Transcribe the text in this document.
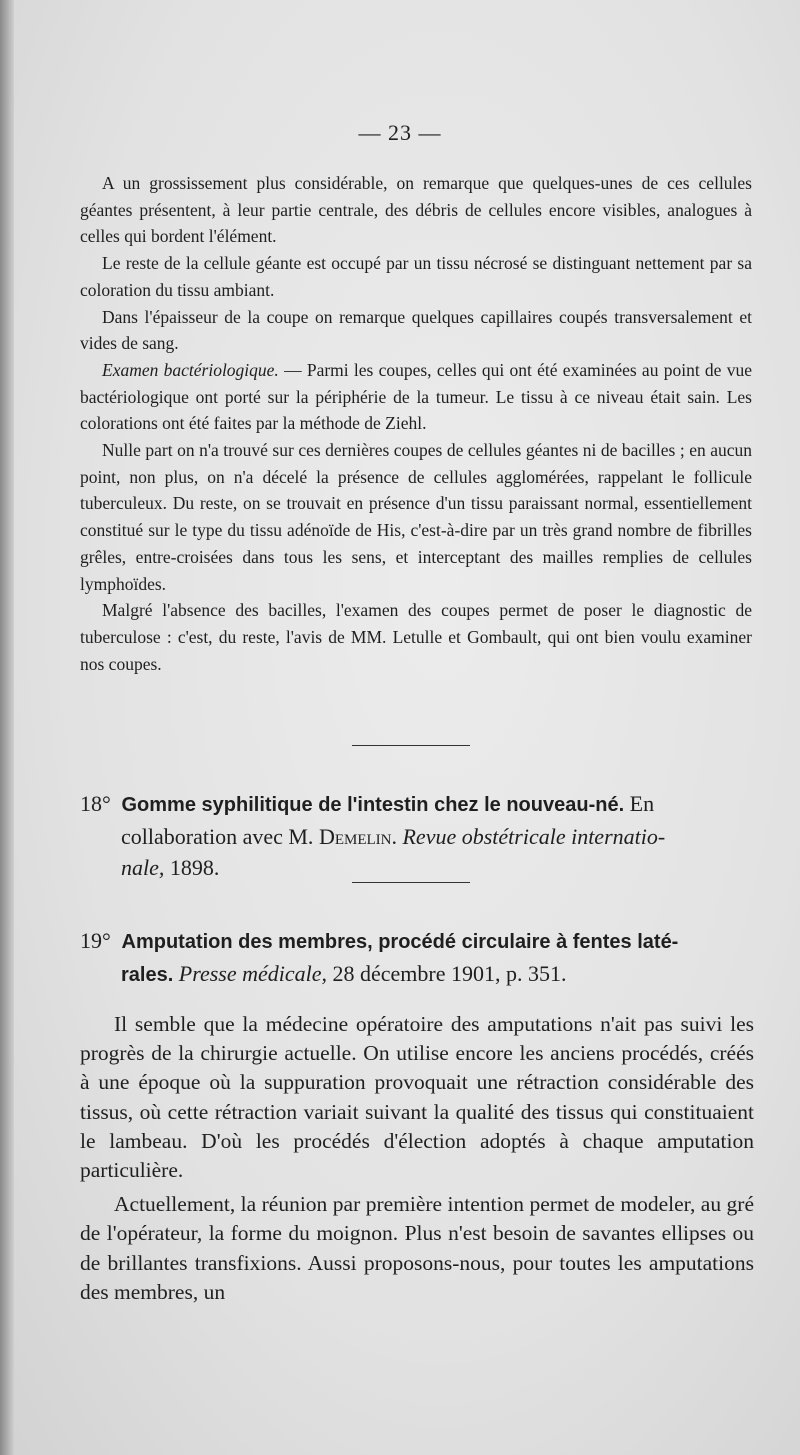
— 23 —

A un grossissement plus considérable, on remarque que quelques-unes de ces cellules géantes présentent, à leur partie centrale, des débris de cellules encore visibles, analogues à celles qui bordent l'élément.

Le reste de la cellule géante est occupé par un tissu nécrosé se distinguant nettement par sa coloration du tissu ambiant.

Dans l'épaisseur de la coupe on remarque quelques capillaires coupés transversalement et vides de sang.

Examen bactériologique. — Parmi les coupes, celles qui ont été examinées au point de vue bactériologique ont porté sur la périphérie de la tumeur. Le tissu à ce niveau était sain. Les colorations ont été faites par la méthode de Ziehl.

Nulle part on n'a trouvé sur ces dernières coupes de cellules géantes ni de bacilles ; en aucun point, non plus, on n'a décelé la présence de cellules agglomérées, rappelant le follicule tuberculeux. Du reste, on se trouvait en présence d'un tissu paraissant normal, essentiellement constitué sur le type du tissu adénoïde de His, c'est-à-dire par un très grand nombre de fibrilles grêles, entre-croisées dans tous les sens, et interceptant des mailles remplies de cellules lymphoïdes.

Malgré l'absence des bacilles, l'examen des coupes permet de poser le diagnostic de tuberculose : c'est, du reste, l'avis de MM. Letulle et Gombault, qui ont bien voulu examiner nos coupes.

18° Gomme syphilitique de l'intestin chez le nouveau-né. En
collaboration avec M. Demelin. Revue obstétricale internatio-
nale, 1898.
19° Amputation des membres, procédé circulaire à fentes laté-
rales. Presse médicale, 28 décembre 1901, p. 351.

Il semble que la médecine opératoire des amputations n'ait pas suivi les progrès de la chirurgie actuelle. On utilise encore les anciens procédés, créés à une époque où la suppuration provoquait une rétraction considérable des tissus, où cette rétraction variait suivant la qualité des tissus qui constituaient le lambeau. D'où les procédés d'élection adoptés à chaque amputation particulière.

Actuellement, la réunion par première intention permet de modeler, au gré de l'opérateur, la forme du moignon. Plus n'est besoin de savantes ellipses ou de brillantes transfixions. Aussi proposons-nous, pour toutes les amputations des membres, un
